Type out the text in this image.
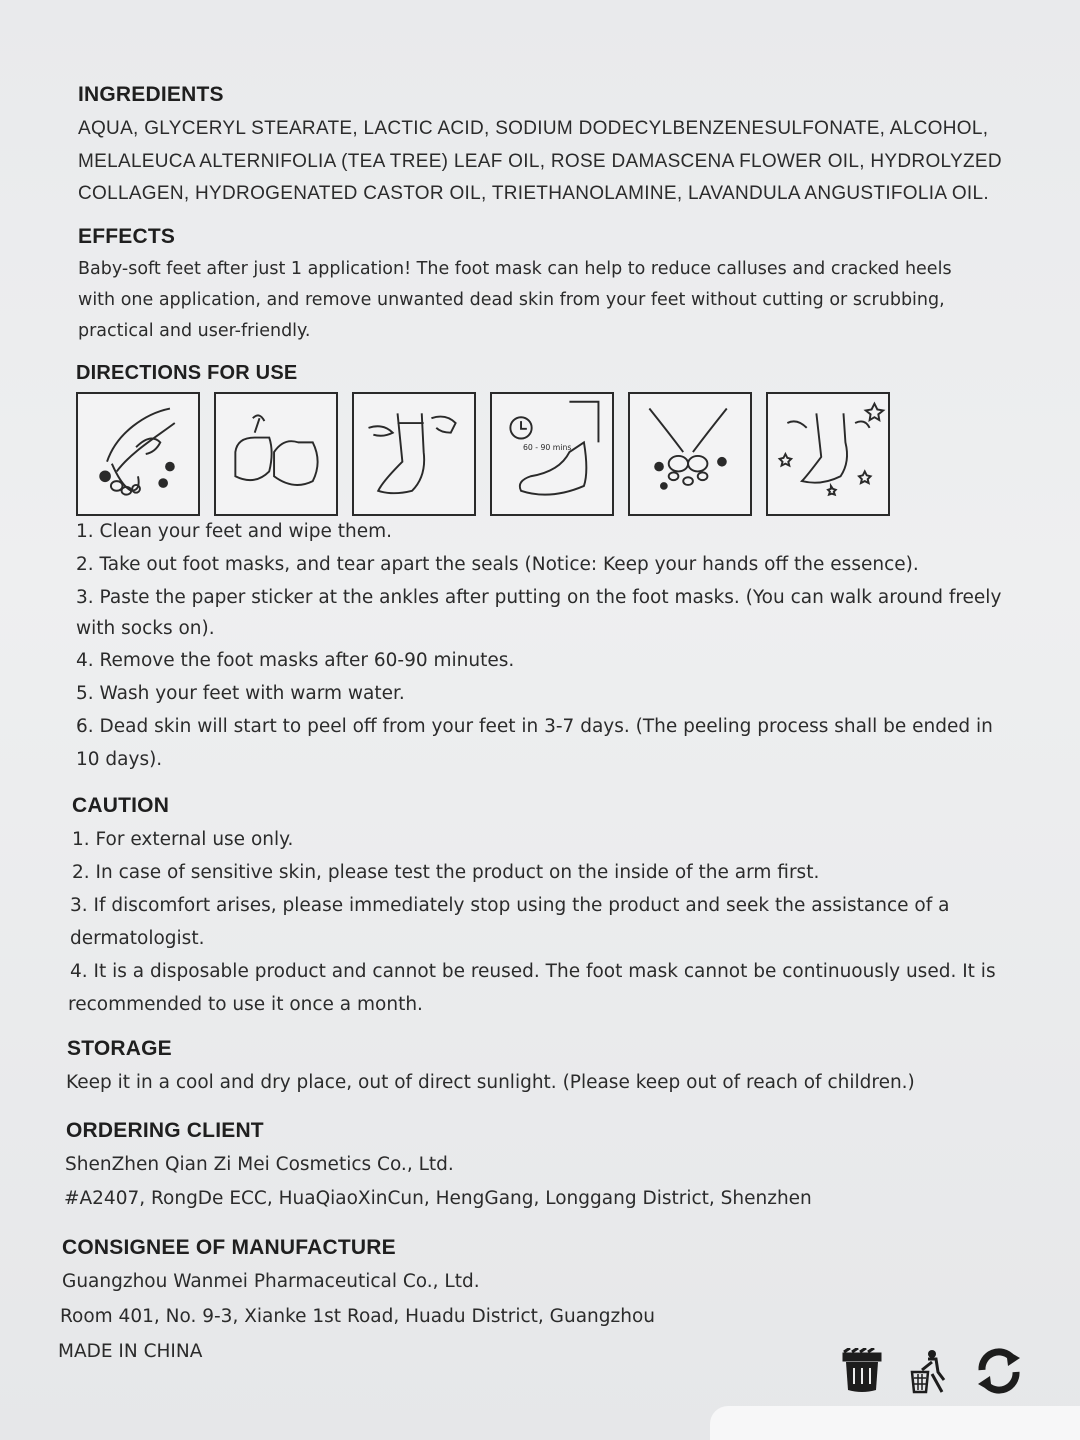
INGREDIENTS
AQUA, GLYCERYL STEARATE, LACTIC ACID, SODIUM DODECYLBENZENESULFONATE, ALCOHOL,
MELALEUCA ALTERNIFOLIA (TEA TREE) LEAF OIL, ROSE DAMASCENA FLOWER OIL, HYDROLYZED
COLLAGEN, HYDROGENATED CASTOR OIL, TRIETHANOLAMINE, LAVANDULA ANGUSTIFOLIA OIL.
EFFECTS
Baby-soft feet after just 1 application! The foot mask can help to reduce calluses and cracked heels
with one application, and remove unwanted dead skin from your feet without cutting or scrubbing,
practical and user-friendly.
DIRECTIONS FOR USE
60 - 90 mins
1. Clean your feet and wipe them.
2. Take out foot masks, and tear apart the seals (Notice: Keep your hands off the essence).
3. Paste the paper sticker at the ankles after putting on the foot masks. (You can walk around freely
with socks on).
4. Remove the foot masks after 60-90 minutes.
5. Wash your feet with warm water.
6. Dead skin will start to peel off from your feet in 3-7 days. (The peeling process shall be ended in
10 days).
CAUTION
1. For external use only.
2. In case of sensitive skin, please test the product on the inside of the arm first.
3. If discomfort arises, please immediately stop using the product and seek the assistance of a
dermatologist.
4. It is a disposable product and cannot be reused. The foot mask cannot be continuously used. It is
recommended to use it once a month.
STORAGE
Keep it in a cool and dry place, out of direct sunlight. (Please keep out of reach of children.)
ORDERING CLIENT
ShenZhen Qian Zi Mei Cosmetics Co., Ltd.
#A2407, RongDe ECC, HuaQiaoXinCun, HengGang, Longgang District, Shenzhen
CONSIGNEE OF MANUFACTURE
Guangzhou Wanmei Pharmaceutical Co., Ltd.
Room 401, No. 9-3, Xianke 1st Road, Huadu District, Guangzhou
MADE IN CHINA
